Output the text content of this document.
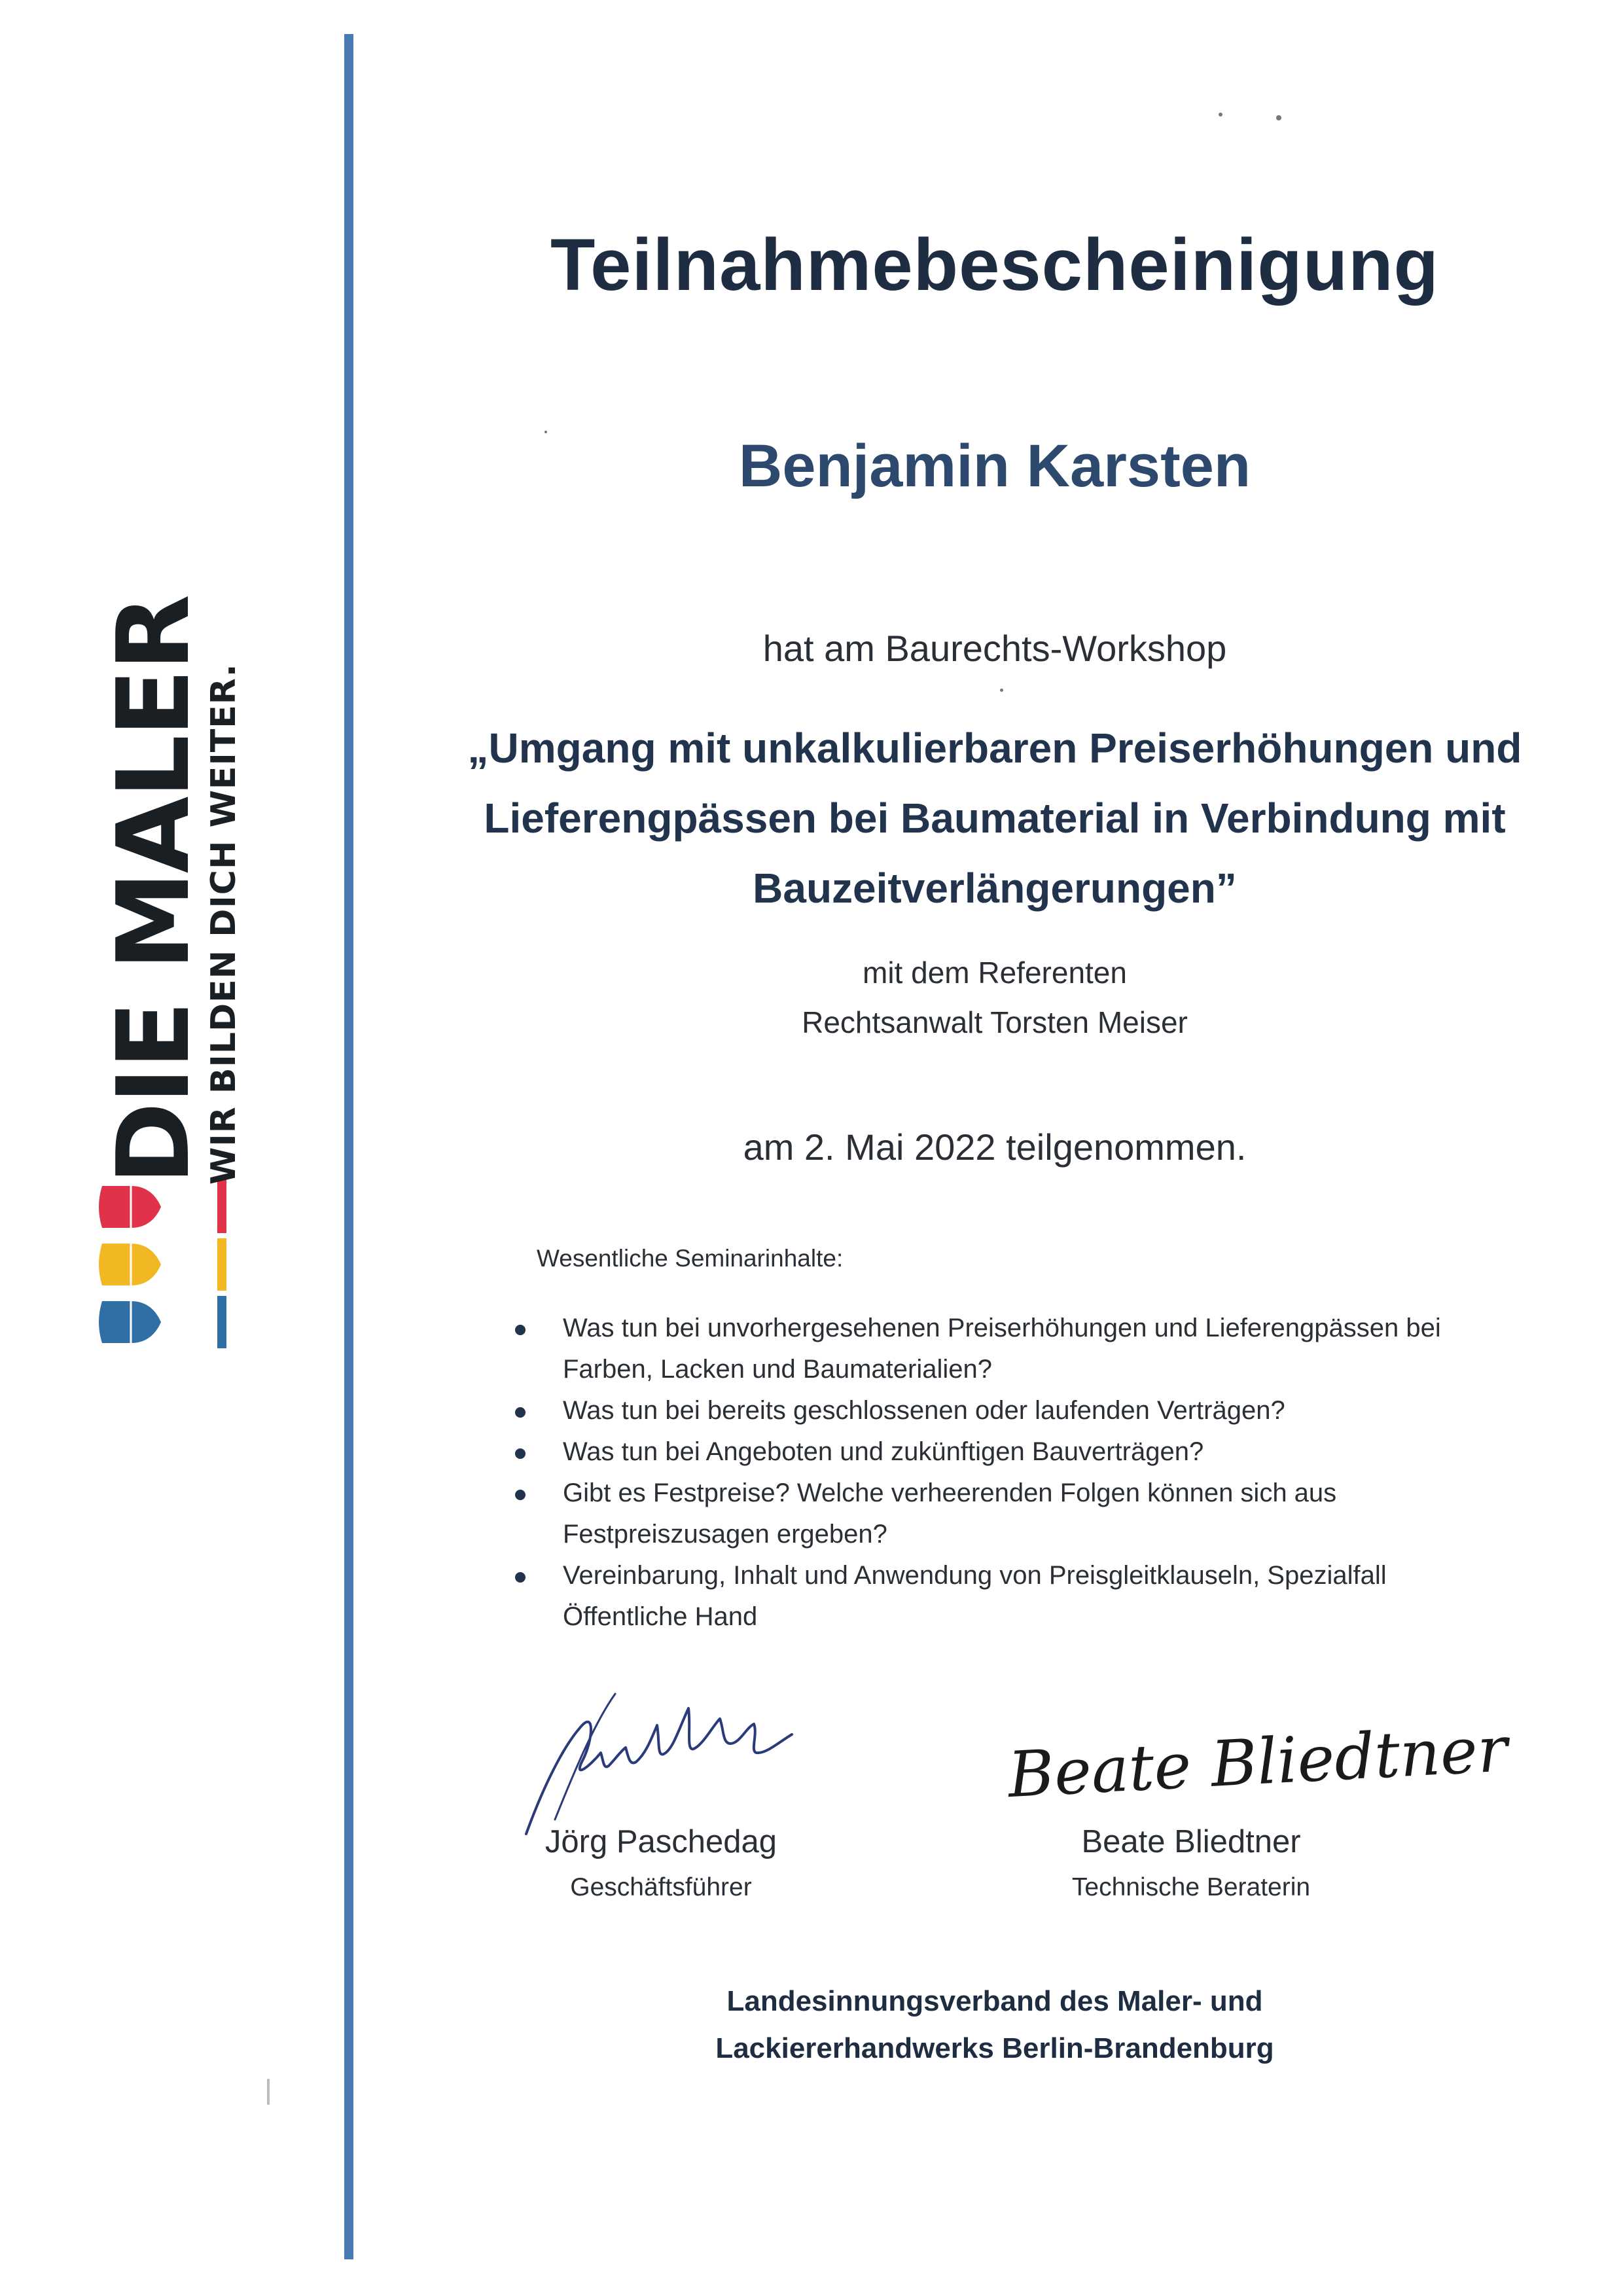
DIE MALER
WIR BILDEN DICH WEITER.
Teilnahmebescheinigung
Benjamin Karsten
hat am Baurechts-Workshop
„Umgang mit unkalkulierbaren Preiserhöhungen und
Lieferengpässen bei Baumaterial in Verbindung mit
Bauzeitverlängerungen”
mit dem Referenten
Rechtsanwalt Torsten Meiser
am 2. Mai 2022 teilgenommen.
Wesentliche Seminarinhalte:
Was tun bei unvorhergesehenen Preiserhöhungen und Lieferengpässen bei Farben, Lacken und Baumaterialien?
Was tun bei bereits geschlossenen oder laufenden Verträgen?
Was tun bei Angeboten und zukünftigen Bauverträgen?
Gibt es Festpreise? Welche verheerenden Folgen können sich aus Festpreiszusagen ergeben?
Vereinbarung, Inhalt und Anwendung von Preisgleitklauseln, Spezialfall Öffentliche Hand
Jörg Paschedag
Geschäftsführer
Beate Bliedtner
Beate Bliedtner
Technische Beraterin
Landesinnungsverband des Maler- und
Lackiererhandwerks Berlin-Brandenburg
